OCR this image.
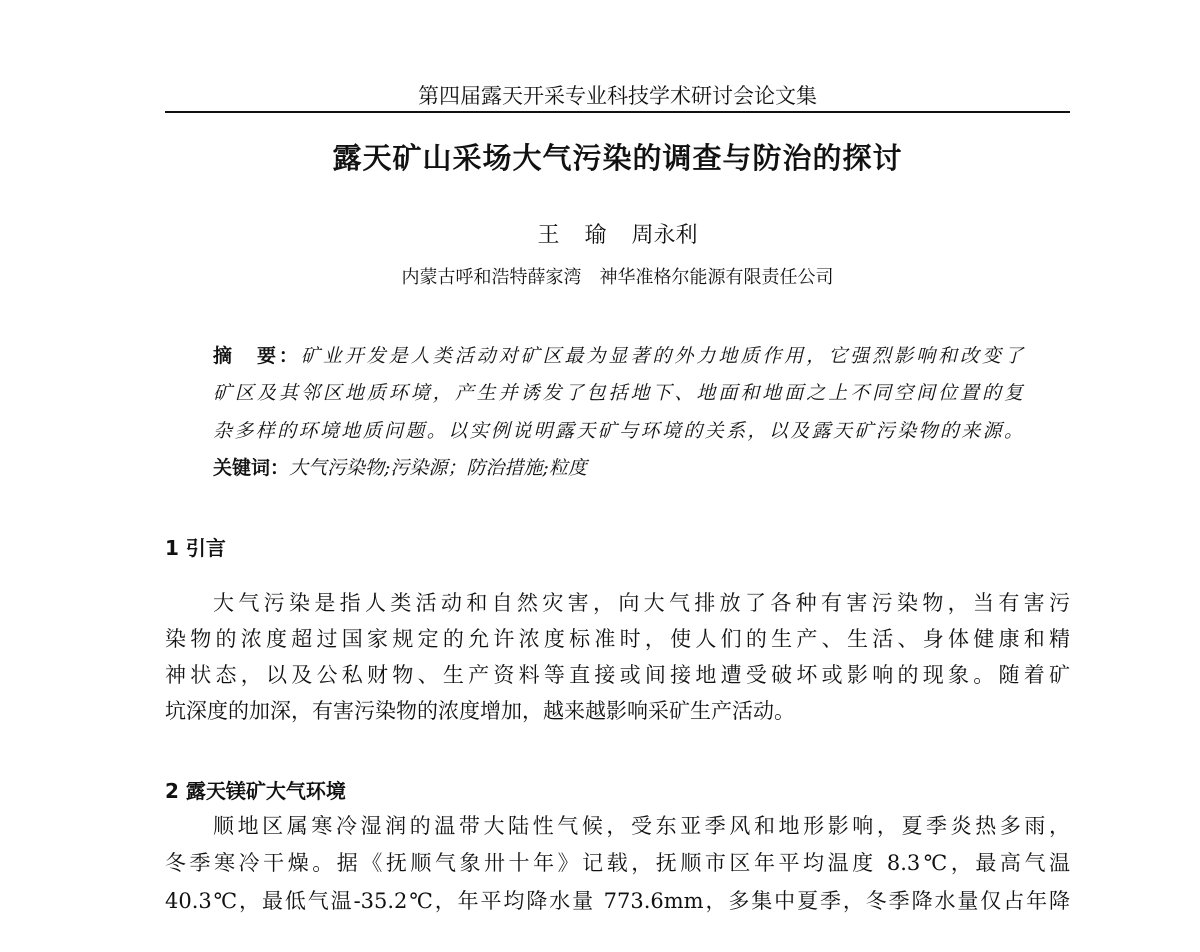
第四届露天开采专业科技学术研讨会论文集
露天矿山采场大气污染的调查与防治的探讨
王 瑜 周永利
内蒙古呼和浩特薛家湾　神华准格尔能源有限责任公司
摘　要：矿业开发是人类活动对矿区最为显著的外力地质作用，它强烈影响和改变了
矿区及其邻区地质环境，产生并诱发了包括地下、地面和地面之上不同空间位置的复
杂多样的环境地质问题。以实例说明露天矿与环境的关系，以及露天矿污染物的来源。
关键词：大气污染物;污染源；防治措施;粒度
1 引言
大气污染是指人类活动和自然灾害，向大气排放了各种有害污染物，当有害污
染物的浓度超过国家规定的允许浓度标准时，使人们的生产、生活、身体健康和精
神状态，以及公私财物、生产资料等直接或间接地遭受破坏或影响的现象。随着矿
坑深度的加深，有害污染物的浓度增加，越来越影响采矿生产活动。
2 露天镁矿大气环境
顺地区属寒冷湿润的温带大陆性气候，受东亚季风和地形影响，夏季炎热多雨，
冬季寒冷干燥。据《抚顺气象卅十年》记载，抚顺市区年平均温度 8.3℃，最高气温
40.3℃，最低气温-35.2℃，年平均降水量 773.6mm，多集中夏季，冬季降水量仅占年降
